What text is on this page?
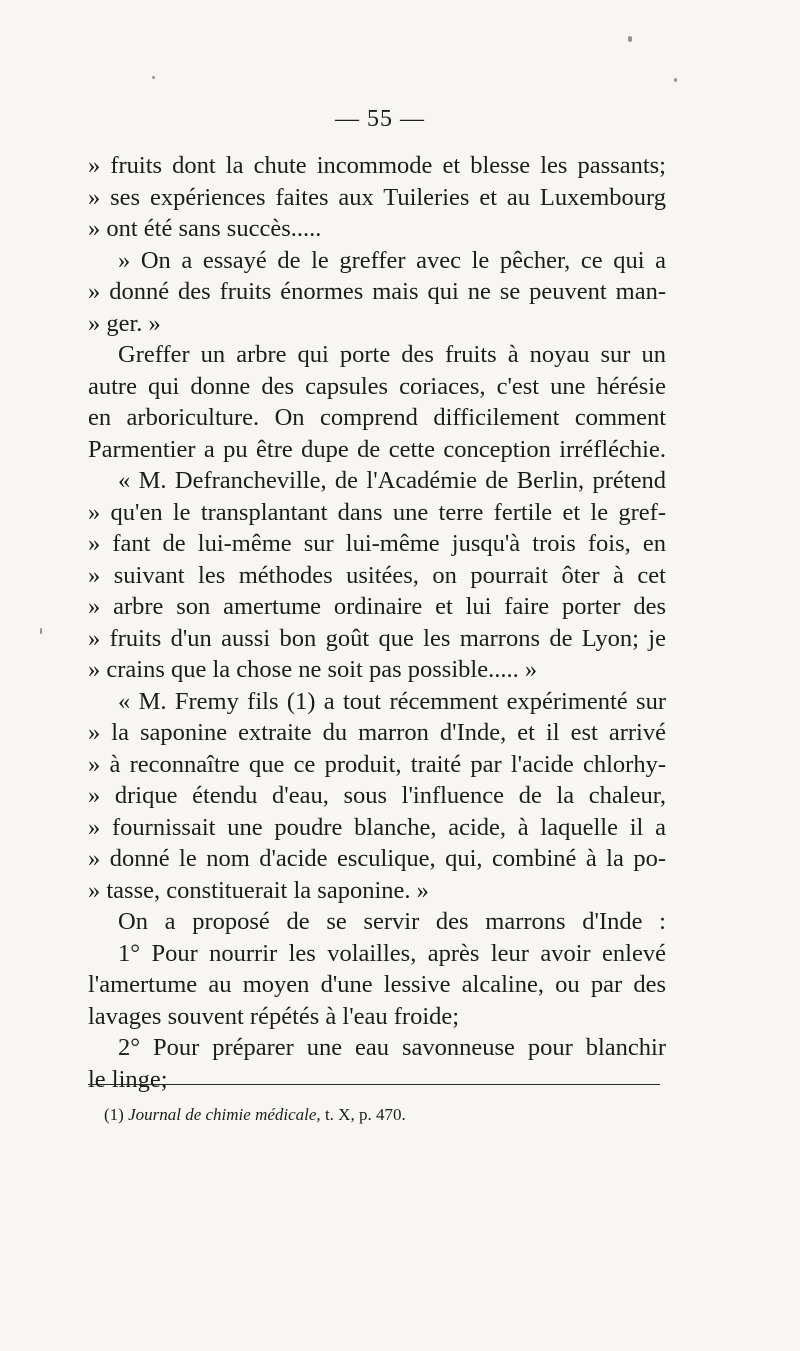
— 55 —
» fruits dont la chute incommode et blesse les passants;
» ses expériences faites aux Tuileries et au Luxembourg
» ont été sans succès.....
» On a essayé de le greffer avec le pêcher, ce qui a
» donné des fruits énormes mais qui ne se peuvent man-
» ger. »
Greffer un arbre qui porte des fruits à noyau sur un
autre qui donne des capsules coriaces, c'est une hérésie
en arboriculture. On comprend difficilement comment
Parmentier a pu être dupe de cette conception irréfléchie.
« M. Defrancheville, de l'Académie de Berlin, prétend
» qu'en le transplantant dans une terre fertile et le gref-
» fant de lui-même sur lui-même jusqu'à trois fois, en
» suivant les méthodes usitées, on pourrait ôter à cet
» arbre son amertume ordinaire et lui faire porter des
» fruits d'un aussi bon goût que les marrons de Lyon; je
» crains que la chose ne soit pas possible..... »
« M. Fremy fils (1) a tout récemment expérimenté sur
» la saponine extraite du marron d'Inde, et il est arrivé
» à reconnaître que ce produit, traité par l'acide chlorhy-
» drique étendu d'eau, sous l'influence de la chaleur,
» fournissait une poudre blanche, acide, à laquelle il a
» donné le nom d'acide esculique, qui, combiné à la po-
» tasse, constituerait la saponine. »
On a proposé de se servir des marrons d'Inde :
1° Pour nourrir les volailles, après leur avoir enlevé
l'amertume au moyen d'une lessive alcaline, ou par des
lavages souvent répétés à l'eau froide;
2° Pour préparer une eau savonneuse pour blanchir
le linge;
(1) Journal de chimie médicale, t. X, p. 470.
